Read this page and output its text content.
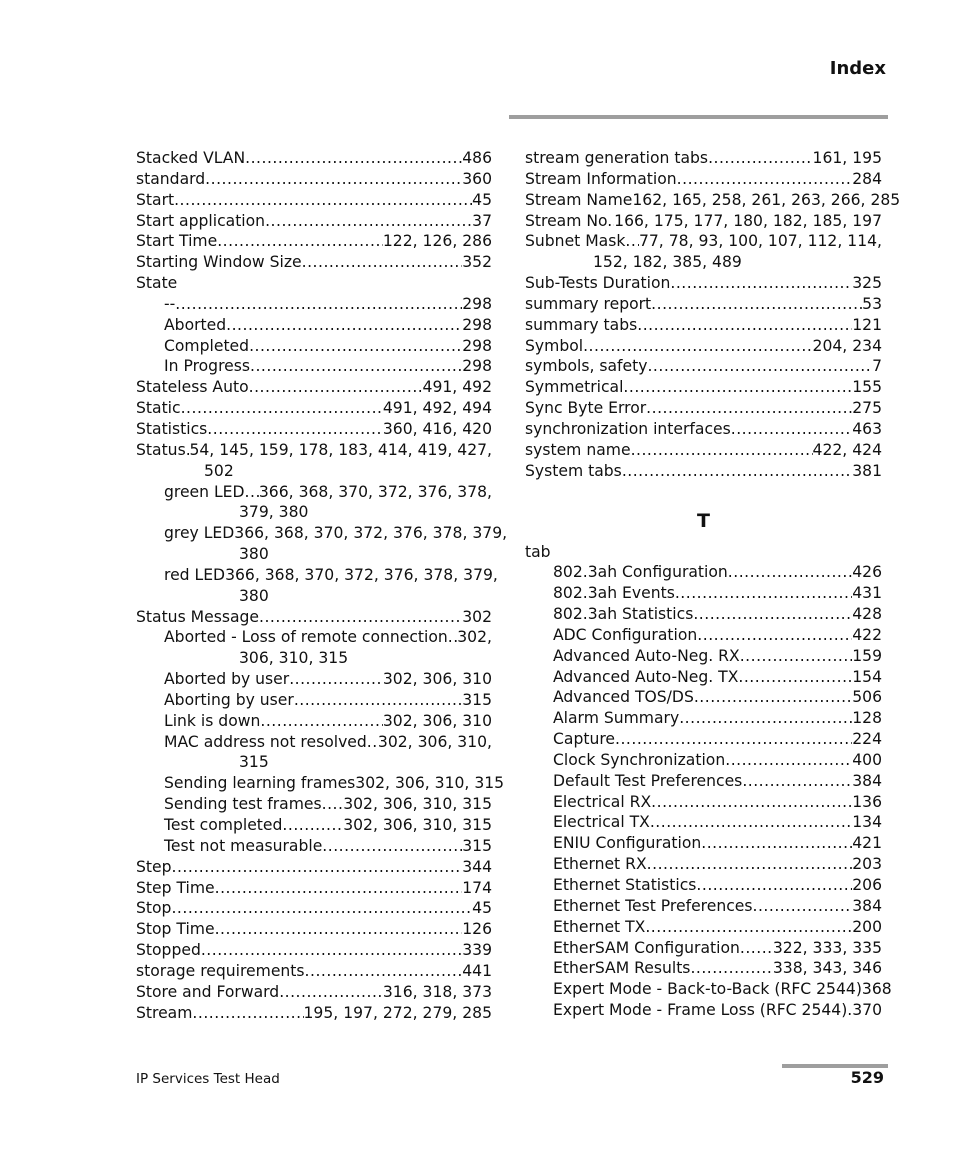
Index
Stacked VLAN .....	486
standard .....	360
Start .....	45
Start application .....	37
Start Time .....	122, 126, 286
Starting Window Size .....	352
State
-- .....	298
Aborted .....	298
Completed .....	298
In Progress .....	298
Stateless Auto .....	491, 492
Static .....	491, 492, 494
Statistics .....	360, 416, 420
Status ..... 54, 145, 159, 178, 183, 414, 419, 427,
502
green LED ..... 366, 368, 370, 372, 376, 378,
379, 380
grey LED 366, 368, 370, 372, 376, 378, 379,
380
red LED 366, 368, 370, 372, 376, 378, 379,
380
Status Message .....	302
Aborted - Loss of remote connection ..... 302,
306, 310, 315
Aborted by user .....	302, 306, 310
Aborting by user .....	315
Link is down .....	302, 306, 310
MAC address not resolved ..... 302, 306, 310,
315
Sending learning frames 302, 306, 310, 315
Sending test frames ..... 302, 306, 310, 315
Test completed .....	302, 306, 310, 315
Test not measurable .....	315
Step .....	344
Step Time .....	174
Stop .....	45
Stop Time .....	126
Stopped .....	339
storage requirements .....	441
Store and Forward .....	316, 318, 373
Stream .....	195, 197, 272, 279, 285
stream generation tabs .....	161, 195
Stream Information .....	284
Stream Name 162, 165, 258, 261, 263, 266, 285
Stream No. ..... 166, 175, 177, 180, 182, 185, 197
Subnet Mask ..... 77, 78, 93, 100, 107, 112, 114,
152, 182, 385, 489
Sub-Tests Duration .....	325
summary report .....	53
summary tabs .....	121
Symbol .....	204, 234
symbols, safety .....	7
Symmetrical .....	155
Sync Byte Error .....	275
synchronization interfaces .....	463
system name .....	422, 424
System tabs .....	381
T
tab
802.3ah Configuration .....	426
802.3ah Events .....	431
802.3ah Statistics .....	428
ADC Configuration .....	422
Advanced Auto-Neg. RX .....	159
Advanced Auto-Neg. TX .....	154
Advanced TOS/DS .....	506
Alarm Summary .....	128
Capture .....	224
Clock Synchronization .....	400
Default Test Preferences .....	384
Electrical RX .....	136
Electrical TX .....	134
ENIU Configuration .....	421
Ethernet RX .....	203
Ethernet Statistics .....	206
Ethernet Test Preferences .....	384
Ethernet TX .....	200
EtherSAM Configuration ..... 322, 333, 335
EtherSAM Results .....	338, 343, 346
Expert Mode - Back-to-Back (RFC 2544) 368
Expert Mode - Frame Loss (RFC 2544) ..... 370
IP Services Test Head	529
